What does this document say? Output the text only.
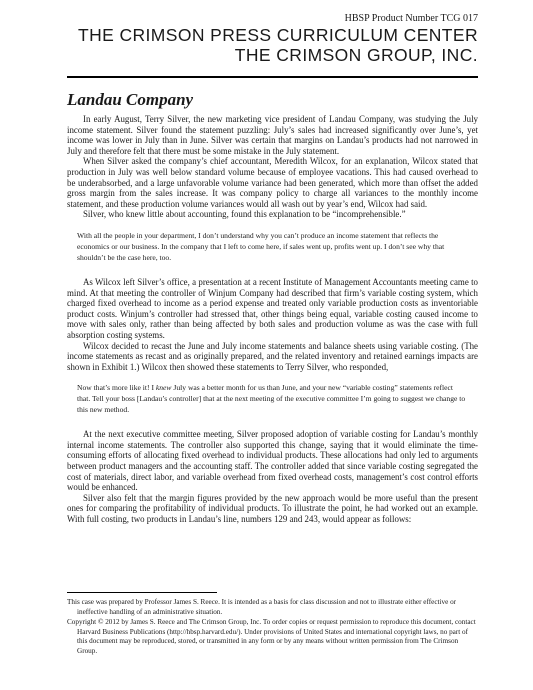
HBSP Product Number TCG 017
THE CRIMSON PRESS CURRICULUM CENTER
THE CRIMSON GROUP, INC.
Landau Company

In early August, Terry Silver, the new marketing vice president of Landau Company, was studying the July income statement. Silver found the statement puzzling: July’s sales had increased significantly over June’s, yet income was lower in July than in June. Silver was certain that margins on Landau’s products had not narrowed in July and therefore felt that there must be some mistake in the July statement.

When Silver asked the company’s chief accountant, Meredith Wilcox, for an explanation, Wilcox stated that production in July was well below standard volume because of employee vacations. This had caused overhead to be underabsorbed, and a large unfavorable volume variance had been generated, which more than offset the added gross margin from the sales increase. It was company policy to charge all variances to the monthly income statement, and these production volume variances would all wash out by year’s end, Wilcox had said.

Silver, who knew little about accounting, found this explanation to be “incomprehensible.”

With all the people in your department, I don’t understand why you can’t produce an income statement that reflects the economics or our business. In the company that I left to come here, if sales went up, profits went up. I don’t see why that shouldn’t be the case here, too.

As Wilcox left Silver’s office, a presentation at a recent Institute of Management Accountants meeting came to mind. At that meeting the controller of Winjum Company had described that firm’s variable costing system, which charged fixed overhead to income as a period expense and treated only variable production costs as inventoriable product costs. Winjum’s controller had stressed that, other things being equal, variable costing caused income to move with sales only, rather than being affected by both sales and production volume as was the case with full absorption costing systems.

Wilcox decided to recast the June and July income statements and balance sheets using variable costing. (The income statements as recast and as originally prepared, and the related inventory and retained earnings impacts are shown in Exhibit 1.) Wilcox then showed these statements to Terry Silver, who responded,

Now that’s more like it! I knew July was a better month for us than June, and your new “variable costing” statements reflect that. Tell your boss [Landau’s controller] that at the next meeting of the executive committee I’m going to suggest we change to this new method.

At the next executive committee meeting, Silver proposed adoption of variable costing for Landau’s monthly internal income statements. The controller also supported this change, saying that it would eliminate the time-consuming efforts of allocating fixed overhead to individual products. These allocations had only led to arguments between product managers and the accounting staff. The controller added that since variable costing segregated the cost of materials, direct labor, and variable overhead from fixed overhead costs, management’s cost control efforts would be enhanced.

Silver also felt that the margin figures provided by the new approach would be more useful than the present ones for comparing the profitability of individual products. To illustrate the point, he had worked out an example. With full costing, two products in Landau’s line, numbers 129 and 243, would appear as follows:

This case was prepared by Professor James S. Reece. It is intended as a basis for class discussion and not to illustrate either effective or ineffective handling of an administrative situation.

Copyright © 2012 by James S. Reece and The Crimson Group, Inc. To order copies or request permission to reproduce this document, contact Harvard Business Publications (http://hbsp.harvard.edu/). Under provisions of United States and international copyright laws, no part of this document may be reproduced, stored, or transmitted in any form or by any means without written permission from The Crimson Group.
